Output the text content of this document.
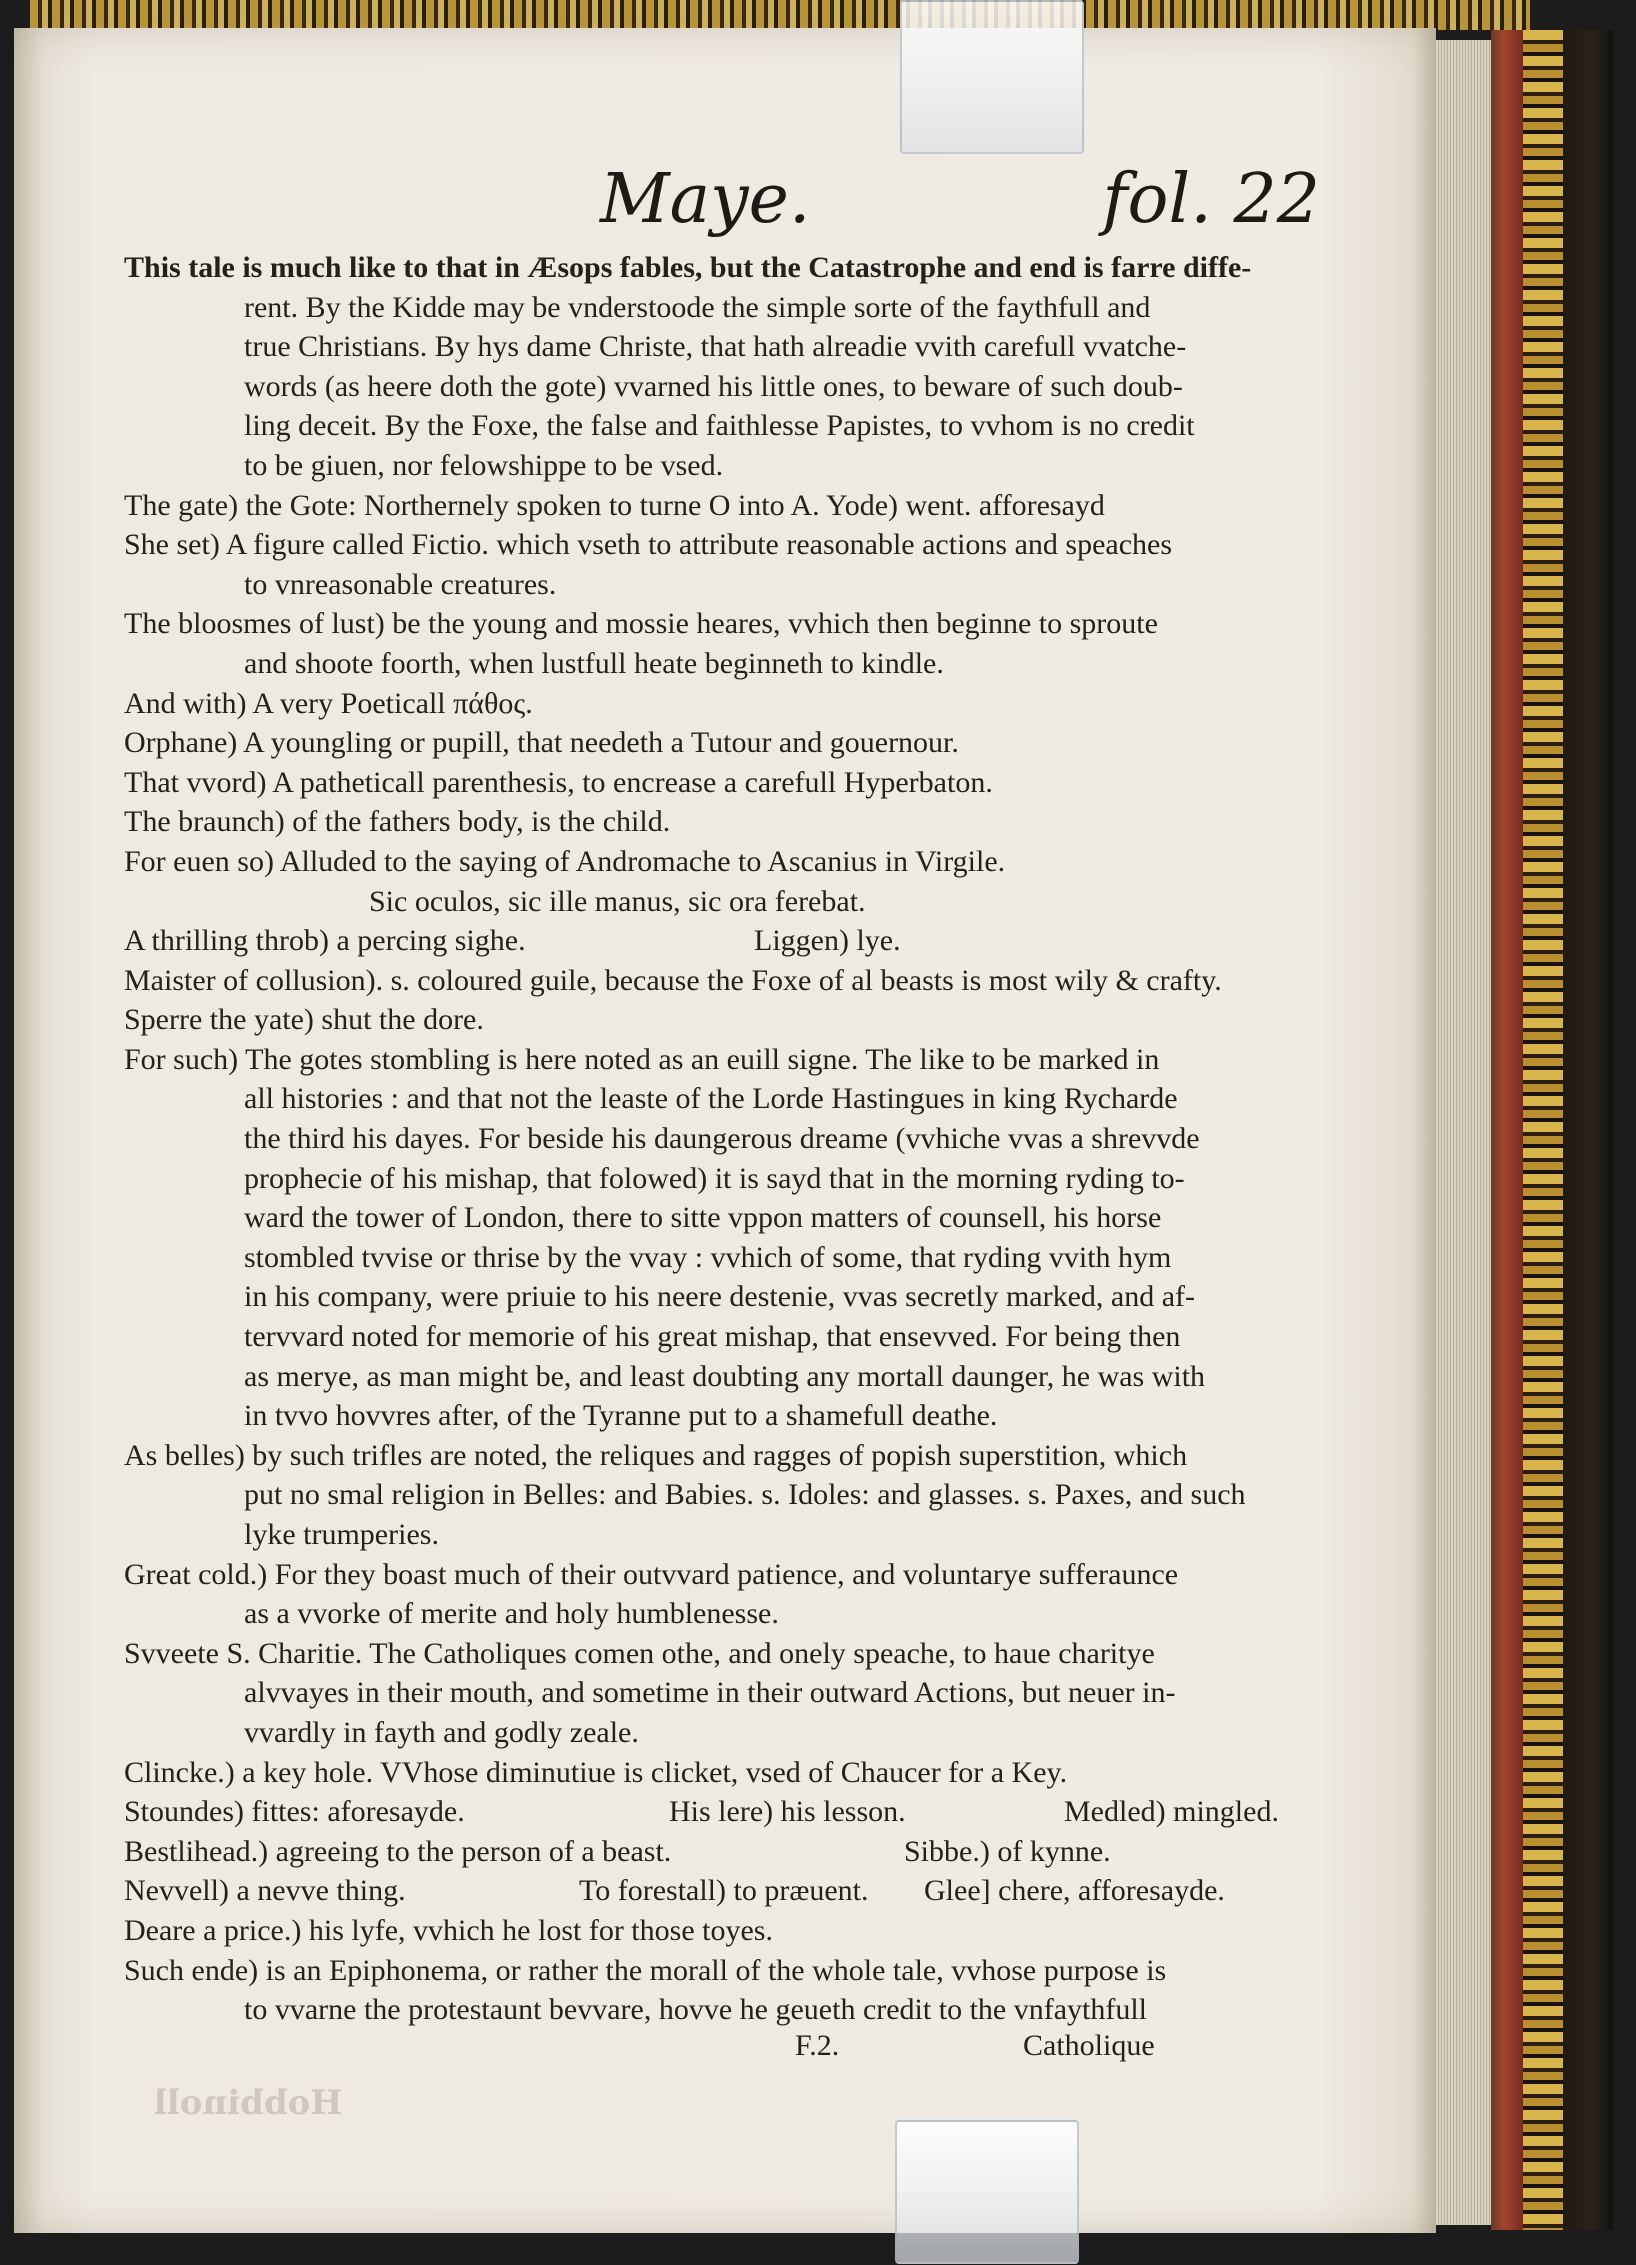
Hobbinoll
Maye.	fol. 22
This tale is much like to that in Æsops fables, but the Catastrophe and end is farre diffe-
rent. By the Kidde may be vnderstoode the simple sorte of the faythfull and
true Christians. By hys dame Christe, that hath alreadie vvith carefull vvatche-
words (as heere doth the gote) vvarned his little ones, to beware of such doub-
ling deceit. By the Foxe, the false and faithlesse Papistes, to vvhom is no credit
to be giuen, nor felowshippe to be vsed.
The gate) the Gote: Northernely spoken to turne O into A. Yode) went. afforesayd
She set) A figure called Fictio. which vseth to attribute reasonable actions and speaches
to vnreasonable creatures.
The bloosmes of lust) be the young and mossie heares, vvhich then beginne to sproute
and shoote foorth, when lustfull heate beginneth to kindle.
And with) A very Poeticall πάθος.
Orphane) A youngling or pupill, that needeth a Tutour and gouernour.
That vvord) A patheticall parenthesis, to encrease a carefull Hyperbaton.
The braunch) of the fathers body, is the child.
For euen so) Alluded to the saying of Andromache to Ascanius in Virgile.
Sic oculos, sic ille manus, sic ora ferebat.
A thrilling throb) a percing sighe.	Liggen) lye.
Maister of collusion). s. coloured guile, because the Foxe of al beasts is most wily & crafty.
Sperre the yate) shut the dore.
For such) The gotes stombling is here noted as an euill signe. The like to be marked in
all histories : and that not the leaste of the Lorde Hastingues in king Rycharde
the third his dayes. For beside his daungerous dreame (vvhiche vvas a shrevvde
prophecie of his mishap, that folowed) it is sayd that in the morning ryding to-
ward the tower of London, there to sitte vppon matters of counsell, his horse
stombled tvvise or thrise by the vvay : vvhich of some, that ryding vvith hym
in his company, were priuie to his neere destenie, vvas secretly marked, and af-
tervvard noted for memorie of his great mishap, that ensevved. For being then
as merye, as man might be, and least doubting any mortall daunger, he was with
in tvvo hovvres after, of the Tyranne put to a shamefull deathe.
As belles) by such trifles are noted, the reliques and ragges of popish superstition, which
put no smal religion in Belles: and Babies. s. Idoles: and glasses. s. Paxes, and such
lyke trumperies.
Great cold.) For they boast much of their outvvard patience, and voluntarye sufferaunce
as a vvorke of merite and holy humblenesse.
Svveete S. Charitie. The Catholiques comen othe, and onely speache, to haue charitye
alvvayes in their mouth, and sometime in their outward Actions, but neuer in-
vvardly in fayth and godly zeale.
Clincke.) a key hole. VVhose diminutiue is clicket, vsed of Chaucer for a Key.
Stoundes) fittes: aforesayde.	His lere) his lesson.	Medled) mingled.
Bestlihead.) agreeing to the person of a beast.	Sibbe.) of kynne.
Nevvell) a nevve thing.	To forestall) to præuent. Glee] chere, afforesayde.
Deare a price.) his lyfe, vvhich he lost for those toyes.
Such ende) is an Epiphonema, or rather the morall of the whole tale, vvhose purpose is
to vvarne the protestaunt bevvare, hovve he geueth credit to the vnfaythfull
F.2.	Catholique
